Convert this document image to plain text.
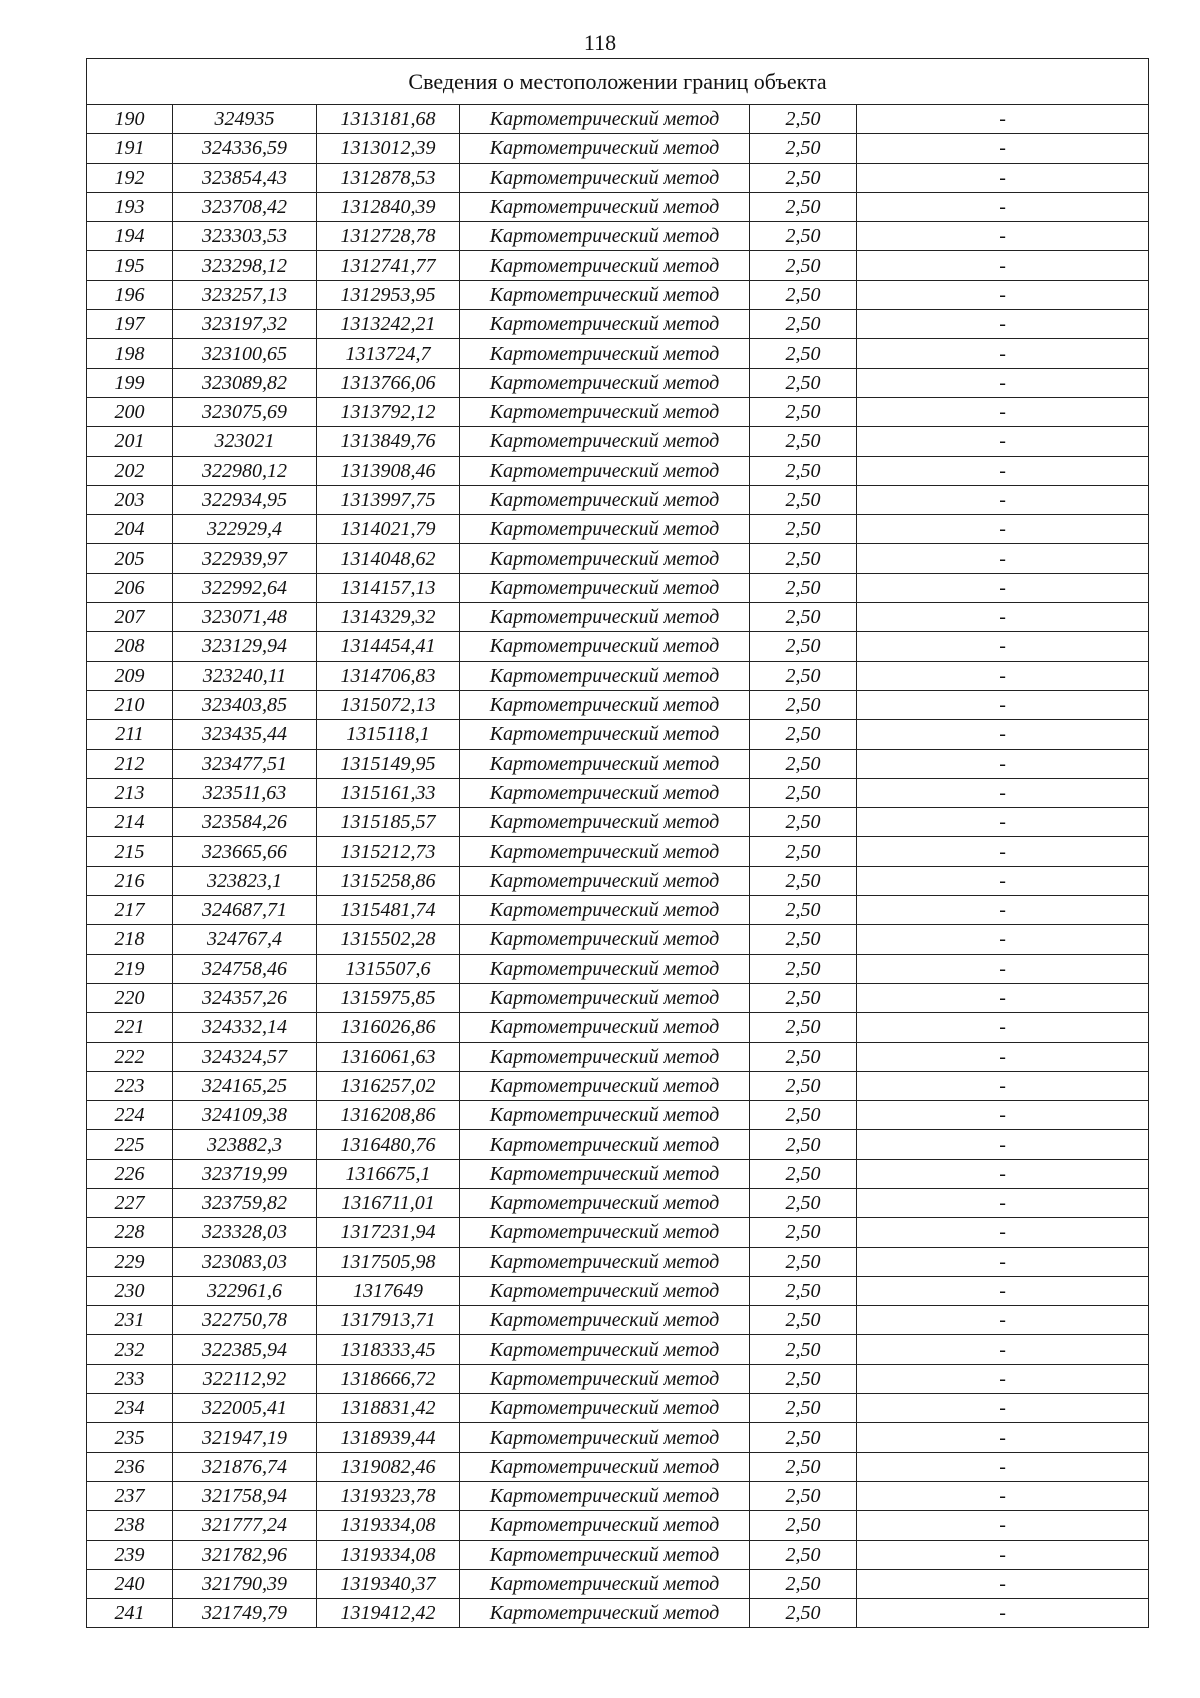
118
Сведения о местоположении границ объекта					
190	324935	1313181,68	Картометрический метод	2,50	-
191	324336,59	1313012,39	Картометрический метод	2,50	-
192	323854,43	1312878,53	Картометрический метод	2,50	-
193	323708,42	1312840,39	Картометрический метод	2,50	-
194	323303,53	1312728,78	Картометрический метод	2,50	-
195	323298,12	1312741,77	Картометрический метод	2,50	-
196	323257,13	1312953,95	Картометрический метод	2,50	-
197	323197,32	1313242,21	Картометрический метод	2,50	-
198	323100,65	1313724,7	Картометрический метод	2,50	-
199	323089,82	1313766,06	Картометрический метод	2,50	-
200	323075,69	1313792,12	Картометрический метод	2,50	-
201	323021	1313849,76	Картометрический метод	2,50	-
202	322980,12	1313908,46	Картометрический метод	2,50	-
203	322934,95	1313997,75	Картометрический метод	2,50	-
204	322929,4	1314021,79	Картометрический метод	2,50	-
205	322939,97	1314048,62	Картометрический метод	2,50	-
206	322992,64	1314157,13	Картометрический метод	2,50	-
207	323071,48	1314329,32	Картометрический метод	2,50	-
208	323129,94	1314454,41	Картометрический метод	2,50	-
209	323240,11	1314706,83	Картометрический метод	2,50	-
210	323403,85	1315072,13	Картометрический метод	2,50	-
211	323435,44	1315118,1	Картометрический метод	2,50	-
212	323477,51	1315149,95	Картометрический метод	2,50	-
213	323511,63	1315161,33	Картометрический метод	2,50	-
214	323584,26	1315185,57	Картометрический метод	2,50	-
215	323665,66	1315212,73	Картометрический метод	2,50	-
216	323823,1	1315258,86	Картометрический метод	2,50	-
217	324687,71	1315481,74	Картометрический метод	2,50	-
218	324767,4	1315502,28	Картометрический метод	2,50	-
219	324758,46	1315507,6	Картометрический метод	2,50	-
220	324357,26	1315975,85	Картометрический метод	2,50	-
221	324332,14	1316026,86	Картометрический метод	2,50	-
222	324324,57	1316061,63	Картометрический метод	2,50	-
223	324165,25	1316257,02	Картометрический метод	2,50	-
224	324109,38	1316208,86	Картометрический метод	2,50	-
225	323882,3	1316480,76	Картометрический метод	2,50	-
226	323719,99	1316675,1	Картометрический метод	2,50	-
227	323759,82	1316711,01	Картометрический метод	2,50	-
228	323328,03	1317231,94	Картометрический метод	2,50	-
229	323083,03	1317505,98	Картометрический метод	2,50	-
230	322961,6	1317649	Картометрический метод	2,50	-
231	322750,78	1317913,71	Картометрический метод	2,50	-
232	322385,94	1318333,45	Картометрический метод	2,50	-
233	322112,92	1318666,72	Картометрический метод	2,50	-
234	322005,41	1318831,42	Картометрический метод	2,50	-
235	321947,19	1318939,44	Картометрический метод	2,50	-
236	321876,74	1319082,46	Картометрический метод	2,50	-
237	321758,94	1319323,78	Картометрический метод	2,50	-
238	321777,24	1319334,08	Картометрический метод	2,50	-
239	321782,96	1319334,08	Картометрический метод	2,50	-
240	321790,39	1319340,37	Картометрический метод	2,50	-
241	321749,79	1319412,42	Картометрический метод	2,50	-
